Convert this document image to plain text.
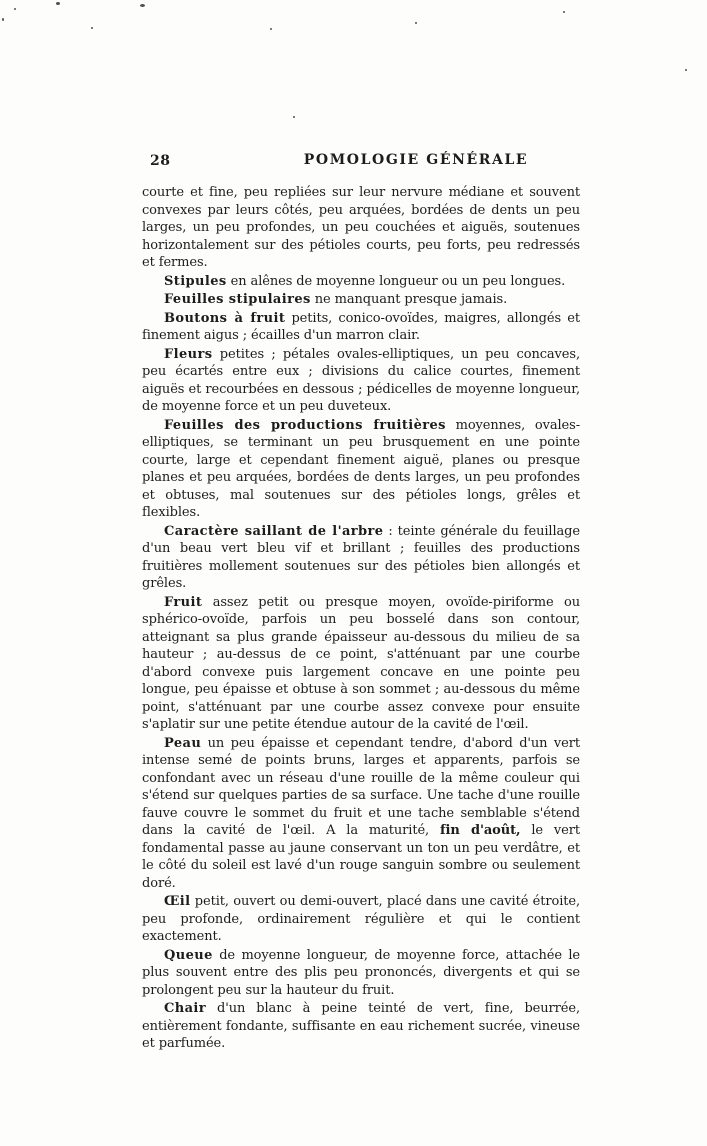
28	POMOLOGIE GÉNÉRALE

courte et fine, peu repliées sur leur nervure médiane et souvent convexes par leurs côtés, peu arquées, bordées de dents un peu larges, un peu profondes, un peu couchées et aiguës, soutenues horizontalement sur des pétioles courts, peu forts, peu redressés et fermes.

Stipules en alênes de moyenne longueur ou un peu longues.

Feuilles stipulaires ne manquant presque jamais.

Boutons à fruit petits, conico-ovoïdes, maigres, allongés et finement aigus ; écailles d'un marron clair.

Fleurs petites ; pétales ovales-elliptiques, un peu concaves, peu écartés entre eux ; divisions du calice courtes, finement aiguës et recourbées en dessous ; pédicelles de moyenne longueur, de moyenne force et un peu duveteux.

Feuilles des productions fruitières moyennes, ovales-elliptiques, se terminant un peu brusquement en une pointe courte, large et cependant finement aiguë, planes ou presque planes et peu arquées, bordées de dents larges, un peu profondes et obtuses, mal soutenues sur des pétioles longs, grêles et flexibles.

Caractère saillant de l'arbre : teinte générale du feuillage d'un beau vert bleu vif et brillant ; feuilles des productions fruitières mollement soutenues sur des pétioles bien allongés et grêles.

Fruit assez petit ou presque moyen, ovoïde-piriforme ou sphérico-ovoïde, parfois un peu bosselé dans son contour, atteignant sa plus grande épaisseur au-dessous du milieu de sa hauteur ; au-dessus de ce point, s'atténuant par une courbe d'abord convexe puis largement concave en une pointe peu longue, peu épaisse et obtuse à son sommet ; au-dessous du même point, s'atténuant par une courbe assez convexe pour ensuite s'aplatir sur une petite étendue autour de la cavité de l'œil.

Peau un peu épaisse et cependant tendre, d'abord d'un vert intense semé de points bruns, larges et apparents, parfois se confondant avec un réseau d'une rouille de la même couleur qui s'étend sur quelques parties de sa surface. Une tache d'une rouille fauve couvre le sommet du fruit et une tache semblable s'étend dans la cavité de l'œil. A la maturité, fin d'août, le vert fondamental passe au jaune conservant un ton un peu verdâtre, et le côté du soleil est lavé d'un rouge sanguin sombre ou seulement doré.

Œil petit, ouvert ou demi-ouvert, placé dans une cavité étroite, peu profonde, ordinairement régulière et qui le contient exactement.

Queue de moyenne longueur, de moyenne force, attachée le plus souvent entre des plis peu prononcés, divergents et qui se prolongent peu sur la hauteur du fruit.

Chair d'un blanc à peine teinté de vert, fine, beurrée, entièrement fondante, suffisante en eau richement sucrée, vineuse et parfumée.
